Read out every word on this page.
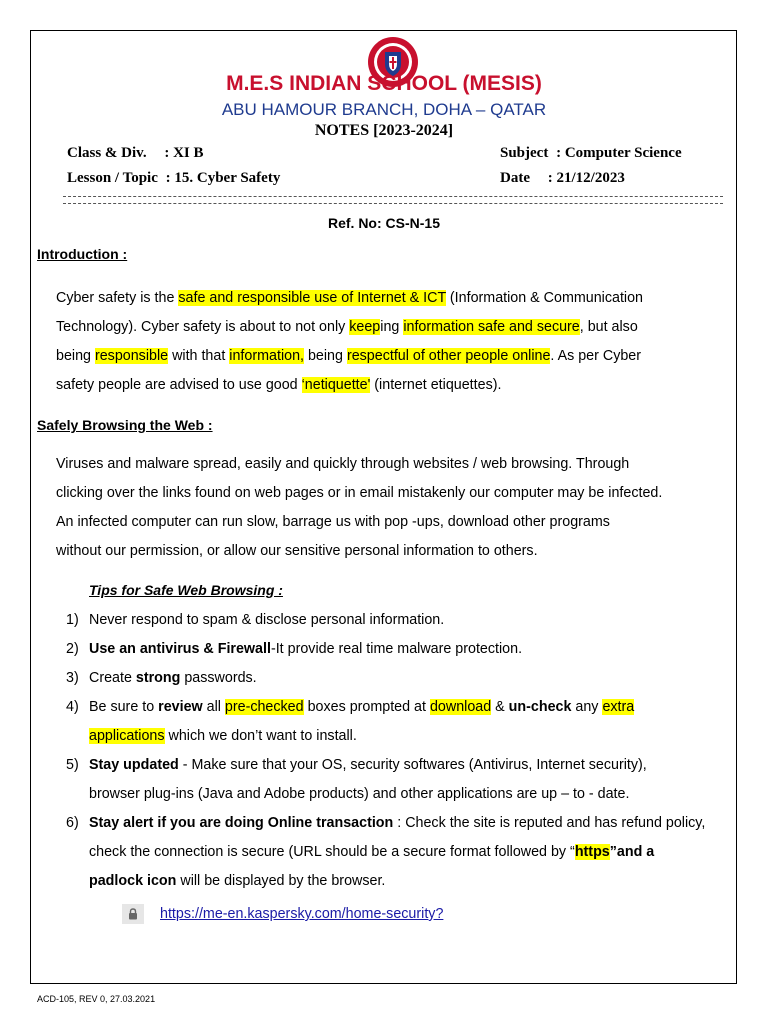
M.E.S INDIAN SCHOOL (MESIS)
ABU HAMOUR BRANCH, DOHA – QATAR
NOTES [2023-2024]
Class & Div. : XI B	Subject : Computer Science
Lesson / Topic : 15. Cyber Safety	Date : 21/12/2023
Ref. No: CS-N-15
Introduction :

Cyber safety is the safe and responsible use of Internet & ICT (Information & Communication

Technology). Cyber safety is about to not only keeping information safe and secure, but also

being responsible with that information, being respectful of other people online. As per Cyber

safety people are advised to use good ‘netiquette' (internet etiquettes).

Safely Browsing the Web :

Viruses and malware spread, easily and quickly through websites / web browsing. Through

clicking over the links found on web pages or in email mistakenly our computer may be infected.

An infected computer can run slow, barrage us with pop -ups, download other programs

without our permission, or allow our sensitive personal information to others.

Tips for Safe Web Browsing :
1) Never respond to spam & disclose personal information.
2) Use an antivirus & Firewall-It provide real time malware protection.
3) Create strong passwords.
4) Be sure to review all pre-checked boxes prompted at download & un-check any extra
applications which we don’t want to install.
5) Stay updated - Make sure that your OS, security softwares (Antivirus, Internet security),
browser plug-ins (Java and Adobe products) and other applications are up – to - date.
6) Stay alert if you are doing Online transaction : Check the site is reputed and has refund policy,
check the connection is secure (URL should be a secure format followed by “https”and a
padlock icon will be displayed by the browser.
https://me-en.kaspersky.com/home-security?
ACD-105, REV 0, 27.03.2021
